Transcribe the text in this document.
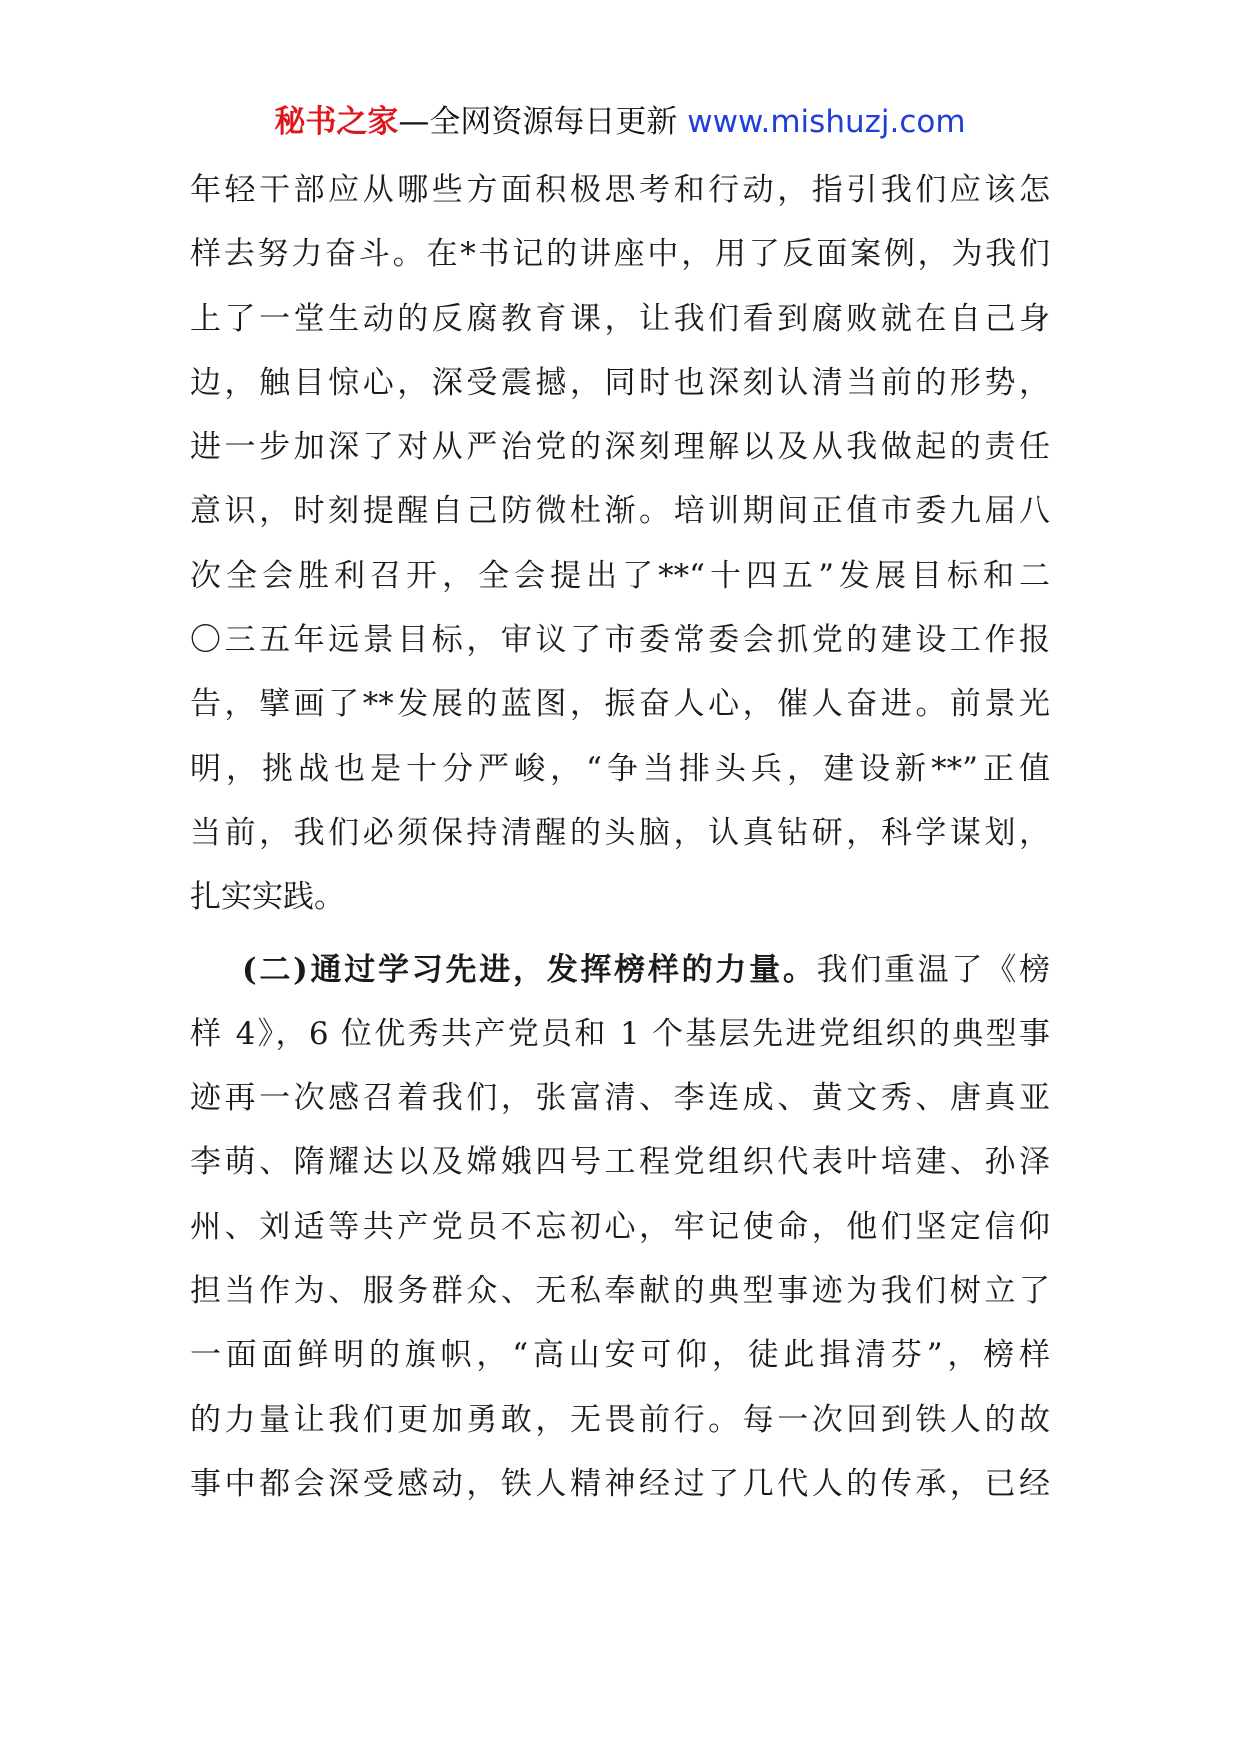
秘书之家—全网资源每日更新 www.mishuzj.com
年轻干部应从哪些方面积极思考和行动，指引我们应该怎
样去努力奋斗。在*书记的讲座中，用了反面案例，为我们
上了一堂生动的反腐教育课，让我们看到腐败就在自己身
边，触目惊心，深受震撼，同时也深刻认清当前的形势，
进一步加深了对从严治党的深刻理解以及从我做起的责任
意识，时刻提醒自己防微杜渐。培训期间正值市委九届八
次全会胜利召开，全会提出了**“十四五”发展目标和二
〇三五年远景目标，审议了市委常委会抓党的建设工作报
告，擘画了**发展的蓝图，振奋人心，催人奋进。前景光
明，挑战也是十分严峻，“争当排头兵，建设新**”正值
当前，我们必须保持清醒的头脑，认真钻研，科学谋划，
扎实实践。
(二)通过学习先进，发挥榜样的力量。我们重温了《榜
样 4》，6 位优秀共产党员和 1 个基层先进党组织的典型事
迹再一次感召着我们，张富清、李连成、黄文秀、唐真亚
李萌、隋耀达以及嫦娥四号工程党组织代表叶培建、孙泽
州、刘适等共产党员不忘初心，牢记使命，他们坚定信仰
担当作为、服务群众、无私奉献的典型事迹为我们树立了
一面面鲜明的旗帜，“高山安可仰，徒此揖清芬”，榜样
的力量让我们更加勇敢，无畏前行。每一次回到铁人的故
事中都会深受感动，铁人精神经过了几代人的传承，已经
